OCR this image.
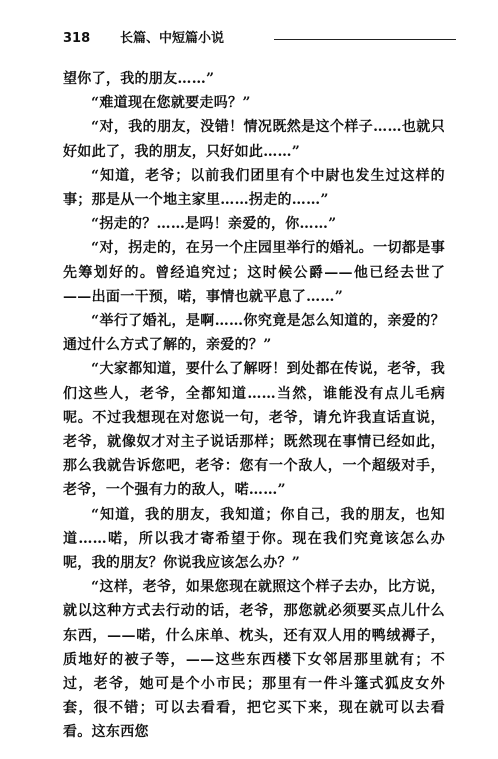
318 长篇、中短篇小说

望你了，我的朋友……”

“难道现在您就要走吗？”

“对，我的朋友，没错！情况既然是这个样子……也就只好如此了，我的朋友，只好如此……”

“知道，老爷；以前我们团里有个中尉也发生过这样的事；那是从一个地主家里……拐走的……”

“拐走的？……是吗！亲爱的，你……”

“对，拐走的，在另一个庄园里举行的婚礼。一切都是事先筹划好的。曾经追究过；这时候公爵——他已经去世了——出面一干预，喏，事情也就平息了……”

“举行了婚礼，是啊……你究竟是怎么知道的，亲爱的？通过什么方式了解的，亲爱的？”

“大家都知道，要什么了解呀！到处都在传说，老爷，我们这些人，老爷，全都知道……当然，谁能没有点儿毛病呢。不过我想现在对您说一句，老爷，请允许我直话直说，老爷，就像奴才对主子说话那样；既然现在事情已经如此，那么我就告诉您吧，老爷：您有一个敌人，一个超级对手，老爷，一个强有力的敌人，喏……”

“知道，我的朋友，我知道；你自己，我的朋友，也知道……喏，所以我才寄希望于你。现在我们究竟该怎么办呢，我的朋友？你说我应该怎么办？”

“这样，老爷，如果您现在就照这个样子去办，比方说，就以这种方式去行动的话，老爷，那您就必须要买点儿什么东西，——喏，什么床单、枕头，还有双人用的鸭绒褥子，质地好的被子等，——这些东西楼下女邻居那里就有；不过，老爷，她可是个小市民；那里有一件斗篷式狐皮女外套，很不错；可以去看看，把它买下来，现在就可以去看看。这东西您
